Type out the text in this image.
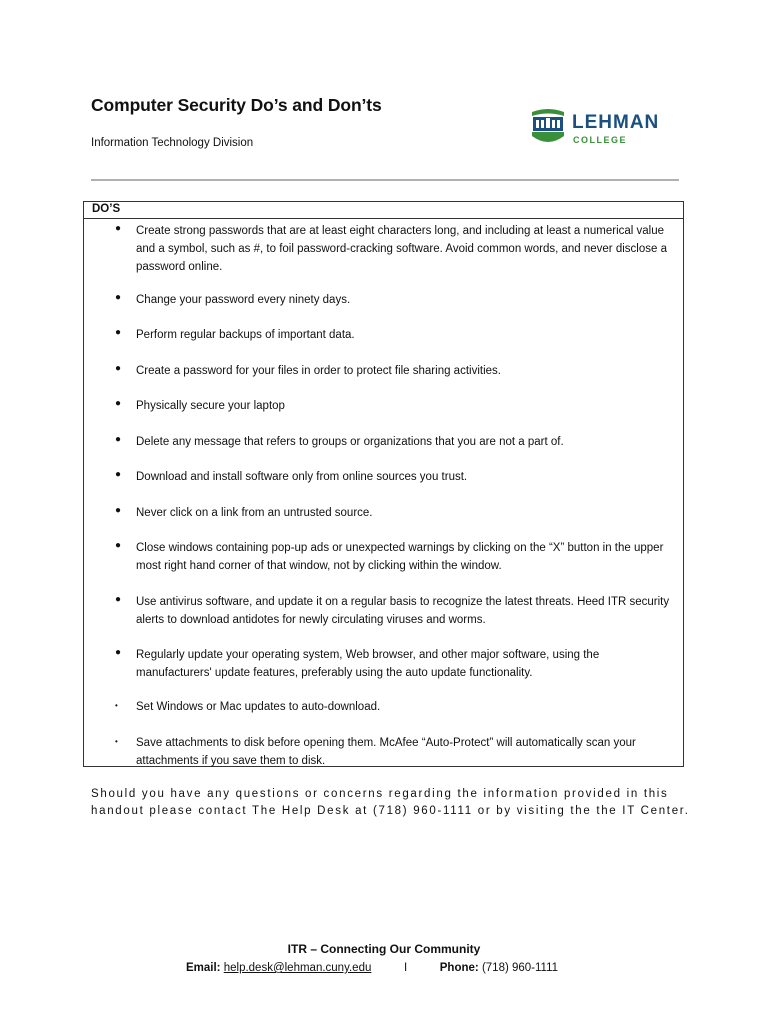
Computer Security Do’s and Don’ts
Information Technology Division
LEHMAN
COLLEGE
DO’S
● Create strong passwords that are at least eight characters long, and including at least a numerical value and a symbol, such as #, to foil password-cracking software. Avoid common words, and never disclose a password online.
● Change your password every ninety days.
● Perform regular backups of important data.
● Create a password for your files in order to protect file sharing activities.
● Physically secure your laptop
● Delete any message that refers to groups or organizations that you are not a part of.
● Download and install software only from online sources you trust.
● Never click on a link from an untrusted source.
● Close windows containing pop-up ads or unexpected warnings by clicking on the “X” button in the upper most right hand corner of that window, not by clicking within the window.
● Use antivirus software, and update it on a regular basis to recognize the latest threats. Heed ITR security alerts to download antidotes for newly circulating viruses and worms.
● Regularly update your operating system, Web browser, and other major software, using the manufacturers' update features, preferably using the auto update functionality.
• Set Windows or Mac updates to auto-download.
• Save attachments to disk before opening them. McAfee “Auto-Protect” will automatically scan your attachments if you save them to disk.
Should you have any questions or concerns regarding the information provided in this handout please contact The Help Desk at (718) 960-1111 or by visiting the the IT Center.
ITR – Connecting Our Community
Email: help.desk@lehman.cuny.edu	I	Phone: (718) 960-1111
